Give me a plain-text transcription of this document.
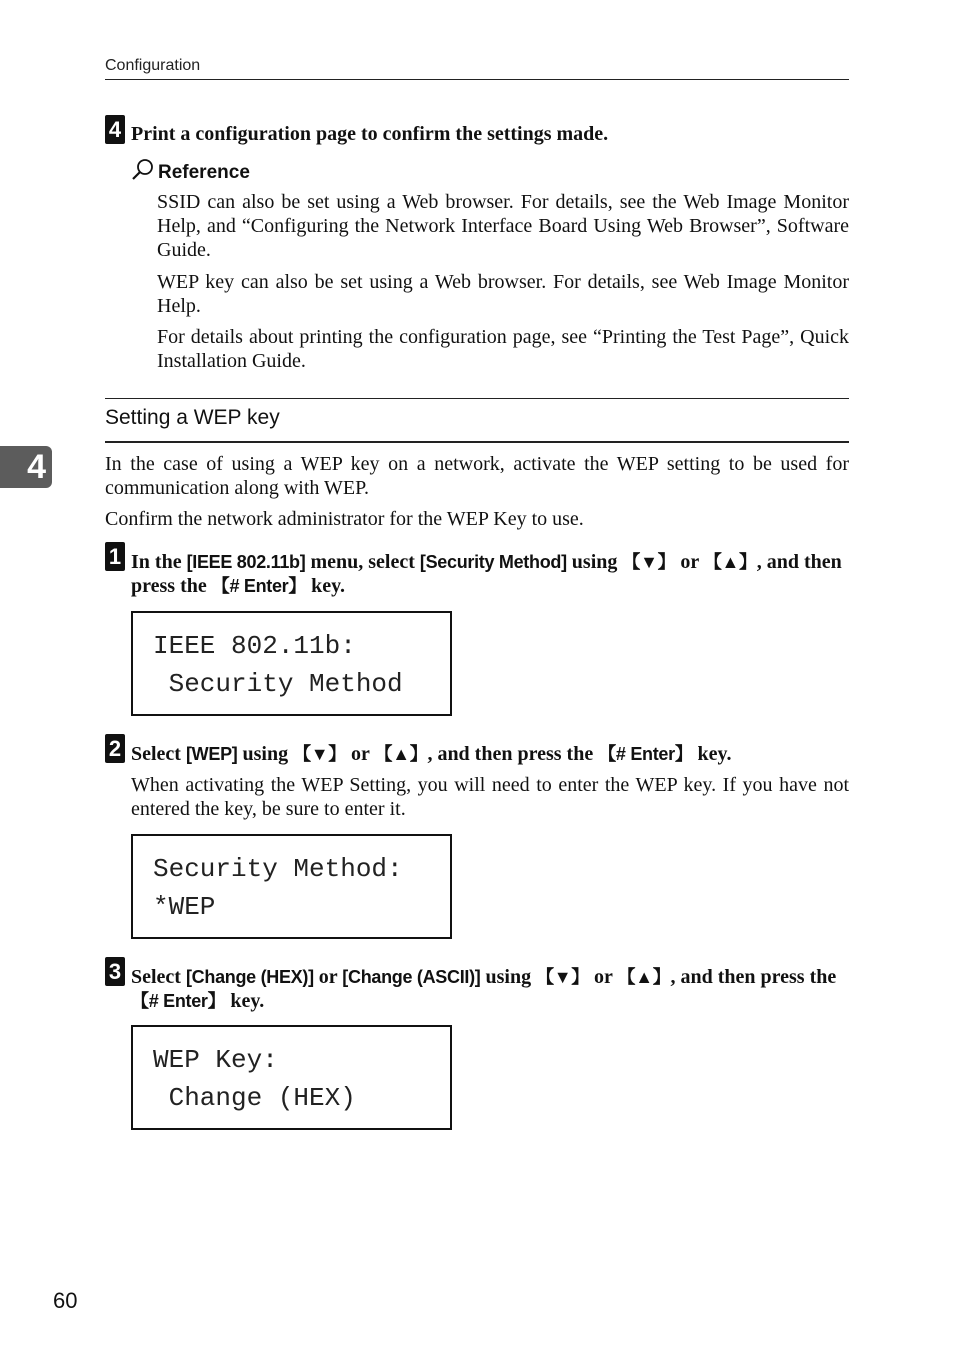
Configuration
4 Print a configuration page to confirm the settings made.
Reference
SSID can also be set using a Web browser. For details, see the Web Image Monitor Help, and “Configuring the Network Interface Board Using Web Browser”, Software Guide.
WEP key can also be set using a Web browser. For details, see Web Image Monitor Help.
For details about printing the configuration page, see “Printing the Test Page”, Quick Installation Guide.
Setting a WEP key
4	In the case of using a WEP key on a network, activate the WEP setting to be used for communication along with WEP.
Confirm the network administrator for the WEP Key to use.
1 In the [IEEE 802.11b] menu, select [Security Method] using 【▼】 or 【▲】, and then press the 【# Enter】 key.
IEEE 802.11b:
Security Method
2 Select [WEP] using 【▼】 or 【▲】, and then press the 【# Enter】 key.
When activating the WEP Setting, you will need to enter the WEP key. If you have not entered the key, be sure to enter it.
Security Method:
*WEP
3 Select [Change (HEX)] or [Change (ASCII)] using 【▼】 or 【▲】, and then press the 【# Enter】 key.
WEP Key:
Change (HEX)
60
